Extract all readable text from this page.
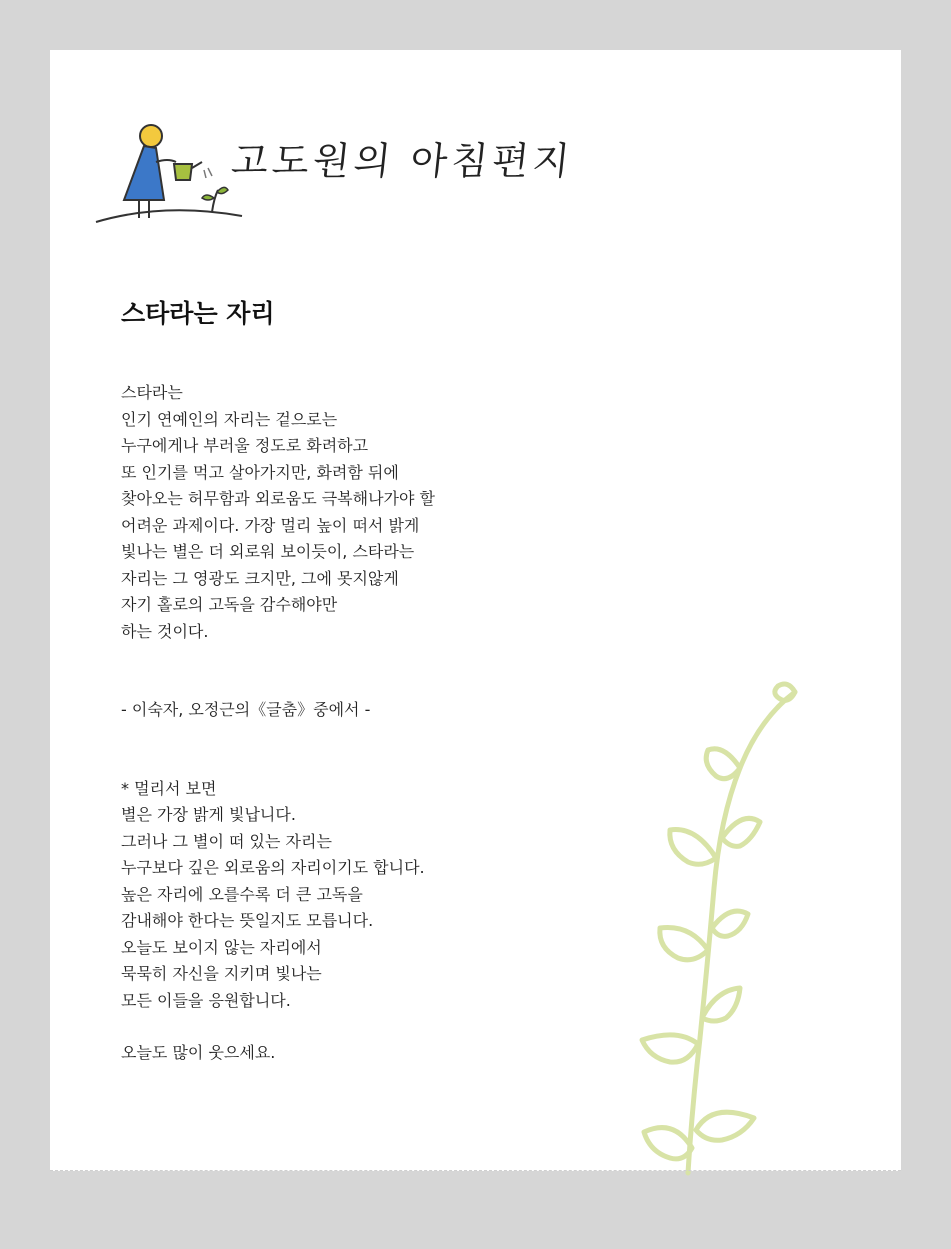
고도원의 아침편지
스타라는 자리

스타라는
인기 연예인의 자리는 겉으로는
누구에게나 부러울 정도로 화려하고
또 인기를 먹고 살아가지만, 화려함 뒤에
찾아오는 허무함과 외로움도 극복해나가야 할
어려운 과제이다. 가장 멀리 높이 떠서 밝게
빛나는 별은 더 외로워 보이듯이, 스타라는
자리는 그 영광도 크지만, 그에 못지않게
자기 홀로의 고독을 감수해야만
하는 것이다.

- 이숙자, 오정근의《글춤》중에서 -

* 멀리서 보면
별은 가장 밝게 빛납니다.
그러나 그 별이 떠 있는 자리는
누구보다 깊은 외로움의 자리이기도 합니다.
높은 자리에 오를수록 더 큰 고독을
감내해야 한다는 뜻일지도 모릅니다.
오늘도 보이지 않는 자리에서
묵묵히 자신을 지키며 빛나는
모든 이들을 응원합니다.

오늘도 많이 웃으세요.
